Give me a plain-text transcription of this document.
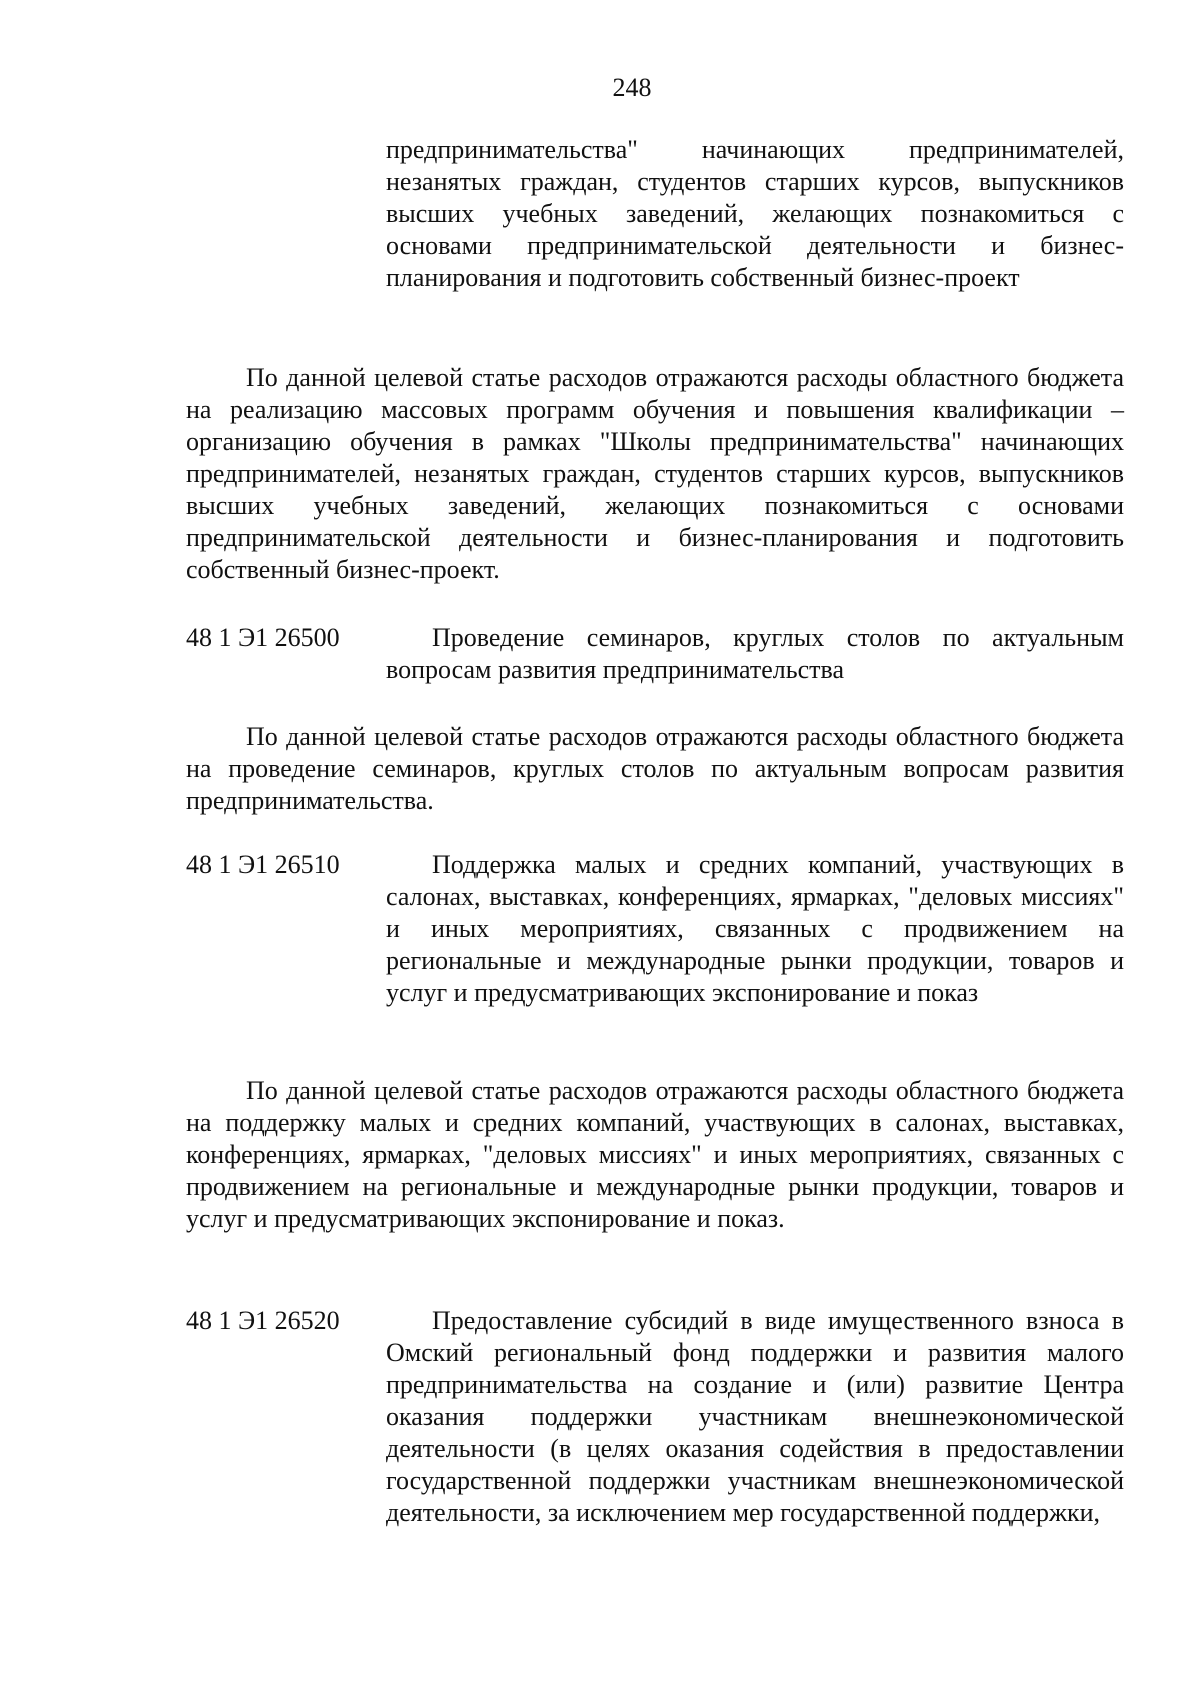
248

предпринимательства" начинающих предпринимателей, незанятых граждан, студентов старших курсов, выпускников высших учебных заведений, желающих познакомиться с основами предпринимательской деятельности и бизнес-планирования и подготовить собственный бизнес-проект

По данной целевой статье расходов отражаются расходы областного бюджета на реализацию массовых программ обучения и повышения квалификации – организацию обучения в рамках "Школы предпринимательства" начинающих предпринимателей, незанятых граждан, студентов старших курсов, выпускников высших учебных заведений, желающих познакомиться с основами предпринимательской деятельности и бизнес-планирования и подготовить собственный бизнес-проект.

48 1 Э1 26500	Проведение семинаров, круглых столов по актуальным вопросам развития предпринимательства

По данной целевой статье расходов отражаются расходы областного бюджета на проведение семинаров, круглых столов по актуальным вопросам развития предпринимательства.

48 1 Э1 26510	Поддержка малых и средних компаний, участвующих в салонах, выставках, конференциях, ярмарках, "деловых миссиях" и иных мероприятиях, связанных с продвижением на региональные и международные рынки продукции, товаров и услуг и предусматривающих экспонирование и показ

По данной целевой статье расходов отражаются расходы областного бюджета на поддержку малых и средних компаний, участвующих в салонах, выставках, конференциях, ярмарках, "деловых миссиях" и иных мероприятиях, связанных с продвижением на региональные и международные рынки продукции, товаров и услуг и предусматривающих экспонирование и показ.

48 1 Э1 26520	Предоставление субсидий в виде имущественного взноса в Омский региональный фонд поддержки и развития малого предпринимательства на создание и (или) развитие Центра оказания поддержки участникам внешнеэкономической деятельности (в целях оказания содействия в предоставлении государственной поддержки участникам внешнеэкономической деятельности, за исключением мер государственной поддержки,
